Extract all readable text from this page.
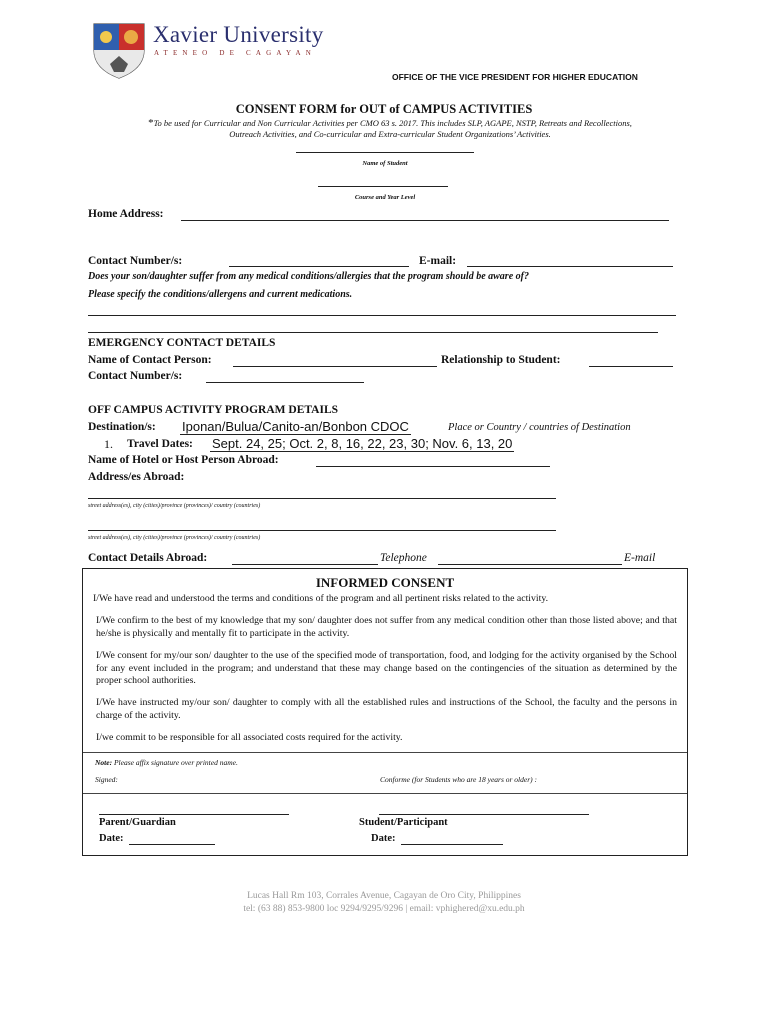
Xavier University
ATENEO DE CAGAYAN
OFFICE OF THE VICE PRESIDENT FOR HIGHER EDUCATION
CONSENT FORM for OUT of CAMPUS ACTIVITIES
*To be used for Curricular and Non Curricular Activities per CMO 63 s. 2017. This includes SLP, AGAPE, NSTP, Retreats and Recollections,
Outreach Activities, and Co-curricular and Extra-curricular Student Organizations’ Activities.
Name of Student
Course and Year Level
Home Address:
Contact Number/s:	E-mail:
Does your son/daughter suffer from any medical conditions/allergies that the program should be aware of?
Please specify the conditions/allergens and current medications.
EMERGENCY CONTACT DETAILS
Name of Contact Person:	Relationship to Student:
Contact Number/s:
OFF CAMPUS ACTIVITY PROGRAM DETAILS
Destination/s: Iponan/Bulua/Canito-an/Bonbon CDOC	Place or Country / countries of Destination
1. Travel Dates: Sept. 24, 25; Oct. 2, 8, 16, 22, 23, 30; Nov. 6, 13, 20
Name of Hotel or Host Person Abroad:
Address/es Abroad:
street address(es), city (cities)/province (provinces)/ country (countries)
street address(es), city (cities)/province (provinces)/ country (countries)
Contact Details Abroad:	Telephone	E-mail
INFORMED CONSENT
I/We have read and understood the terms and conditions of the program and all pertinent risks related to the activity.
I/We confirm to the best of my knowledge that my son/ daughter does not suffer from any medical condition other than those listed above; and that he/she is physically and mentally fit to participate in the activity.
I/We consent for my/our son/ daughter to the use of the specified mode of transportation, food, and lodging for the activity organised by the School for any event included in the program; and understand that these may change based on the contingencies of the situation as determined by the proper school authorities.
I/We have instructed my/our son/ daughter to comply with all the established rules and instructions of the School, the faculty and the persons in charge of the activity.
I/we commit to be responsible for all associated costs required for the activity.
Note: Please affix signature over printed name.
Signed:	Conforme (for Students who are 18 years or older) :
Parent/Guardian	Student/Participant
Date:	Date:
Lucas Hall Rm 103, Corrales Avenue, Cagayan de Oro City, Philippines
tel: (63 88) 853-9800 loc 9294/9295/9296 | email: vphighered@xu.edu.ph
